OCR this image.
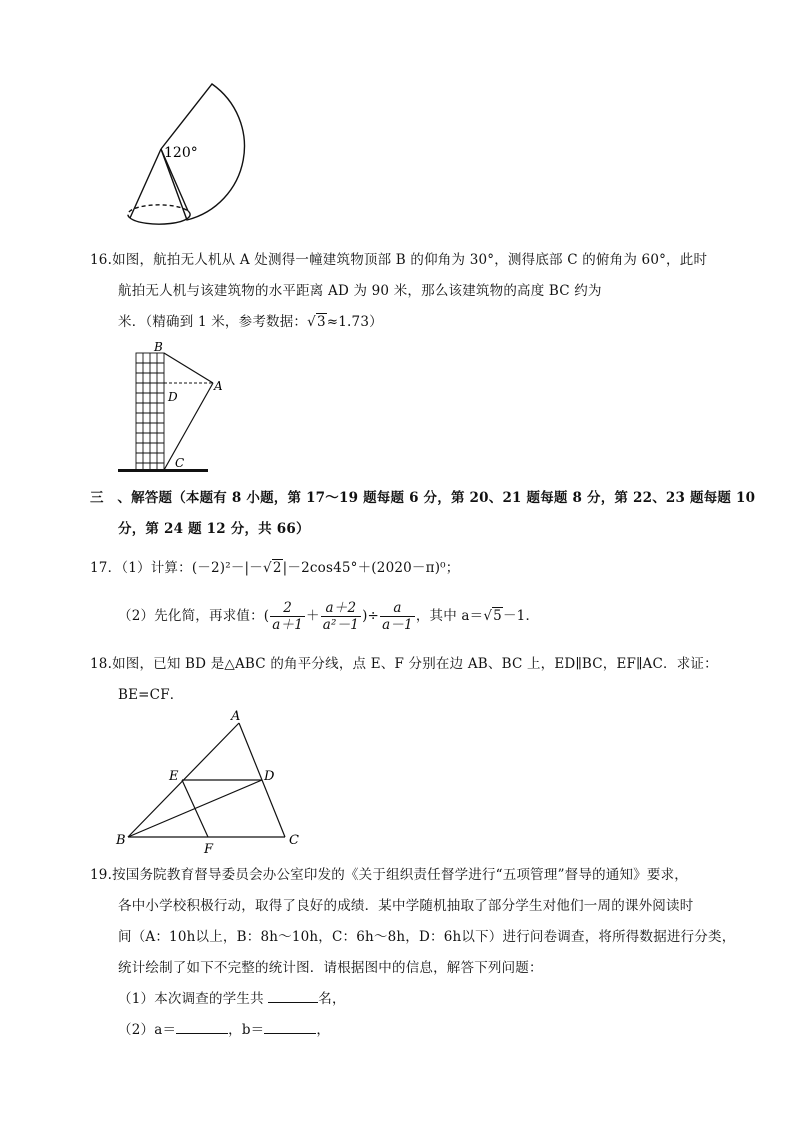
120°
16.如图，航拍无人机从 A 处测得一幢建筑物顶部 B 的仰角为 30°，测得底部 C 的俯角为 60°，此时
航拍无人机与该建筑物的水平距离 AD 为 90 米，那么该建筑物的高度 BC 约为
米．（精确到 1 米，参考数据：√3≈1.73）
B
A
D
C
三　、解答题（本题有 8 小题，第 17～19 题每题 6 分，第 20、21 题每题 8 分，第 22、23 题每题 10
分，第 24 题 12 分，共 66）
17．（1）计算：(－2)²－|－√2|－2cos45°＋(2020－π)⁰；
（2）先化简，再求值：( $\frac{2}{a+1} + \frac{a+2}{\text{a²－1}}$ )÷ $\frac{a}{a-1}$ ，其中 a＝√5－1．
18.如图，已知 BD 是△ABC 的角平分线，点 E、F 分别在边 AB、BC 上，ED∥BC，EF∥AC．求证：
BE=CF．
A
E	D
B
F
C
19.按国务院教育督导委员会办公室印发的《关于组织责任督学进行“五项管理”督导的通知》要求，
各中小学校积极行动，取得了良好的成绩．某中学随机抽取了部分学生对他们一周的课外阅读时
间（A：10h以上，B：8h～10h，C：6h～8h，D：6h以下）进行问卷调查，将所得数据进行分类，
统计绘制了如下不完整的统计图．请根据图中的信息，解答下列问题：
（1）本次调查的学生共	名，
（2）a＝	，b＝	，
